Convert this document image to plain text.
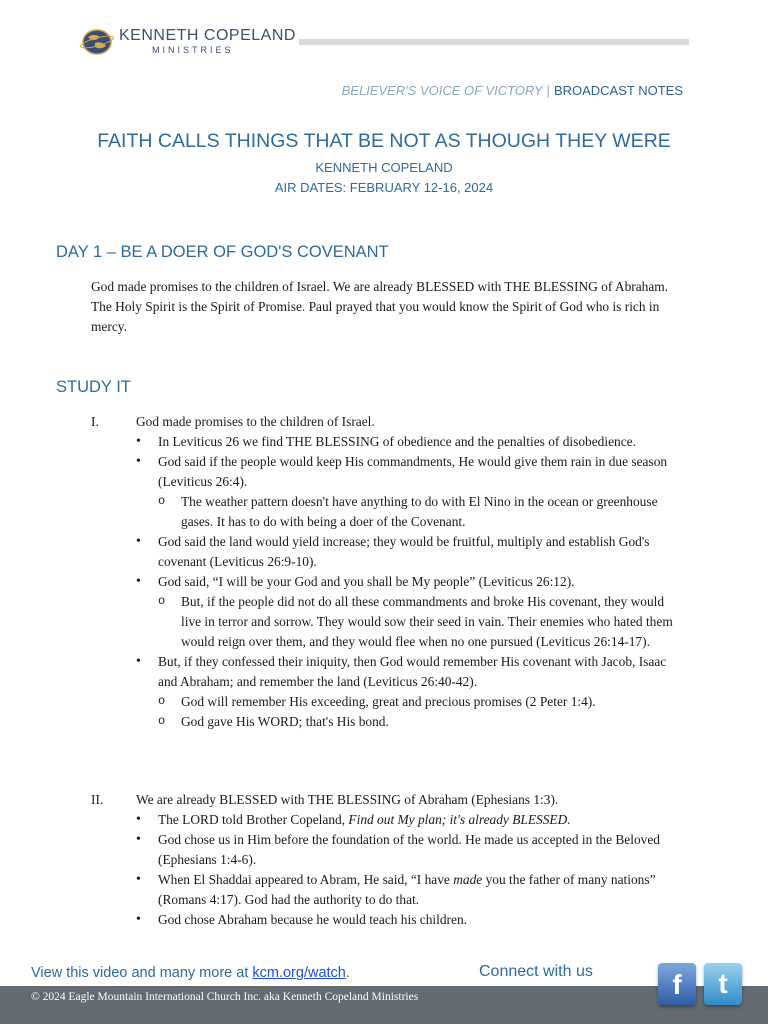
KENNETH COPELAND
MINISTRIES
BELIEVER'S VOICE OF VICTORY | BROADCAST NOTES
FAITH CALLS THINGS THAT BE NOT AS THOUGH THEY WERE
KENNETH COPELAND
AIR DATES: FEBRUARY 12-16, 2024
DAY 1 – BE A DOER OF GOD'S COVENANT

God made promises to the children of Israel. We are already BLESSED with THE BLESSING of Abraham. The Holy Spirit is the Spirit of Promise. Paul prayed that you would know the Spirit of God who is rich in mercy.

STUDY IT
I.	God made promises to the children of Israel.
• In Leviticus 26 we find THE BLESSING of obedience and the penalties of disobedience.
• God said if the people would keep His commandments, He would give them rain in due season (Leviticus 26:4).
o The weather pattern doesn't have anything to do with El Nino in the ocean or greenhouse gases. It has to do with being a doer of the Covenant.
• God said the land would yield increase; they would be fruitful, multiply and establish God's covenant (Leviticus 26:9-10).
• God said, “I will be your God and you shall be My people” (Leviticus 26:12).
o But, if the people did not do all these commandments and broke His covenant, they would live in terror and sorrow. They would sow their seed in vain. Their enemies who hated them would reign over them, and they would flee when no one pursued (Leviticus 26:14-17).
• But, if they confessed their iniquity, then God would remember His covenant with Jacob, Isaac and Abraham; and remember the land (Leviticus 26:40-42).
o God will remember His exceeding, great and precious promises (2 Peter 1:4).
o God gave His WORD; that's His bond.
II. We are already BLESSED with THE BLESSING of Abraham (Ephesians 1:3).
• The LORD told Brother Copeland, Find out My plan; it's already BLESSED.
• God chose us in Him before the foundation of the world. He made us accepted in the Beloved (Ephesians 1:4-6).
• When El Shaddai appeared to Abram, He said, “I have made you the father of many nations” (Romans 4:17). God had the authority to do that.
• God chose Abraham because he would teach his children.
View this video and many more at kcm.org/watch.	Connect with us
© 2024 Eagle Mountain International Church Inc. aka Kenneth Copeland Ministries	f	t
